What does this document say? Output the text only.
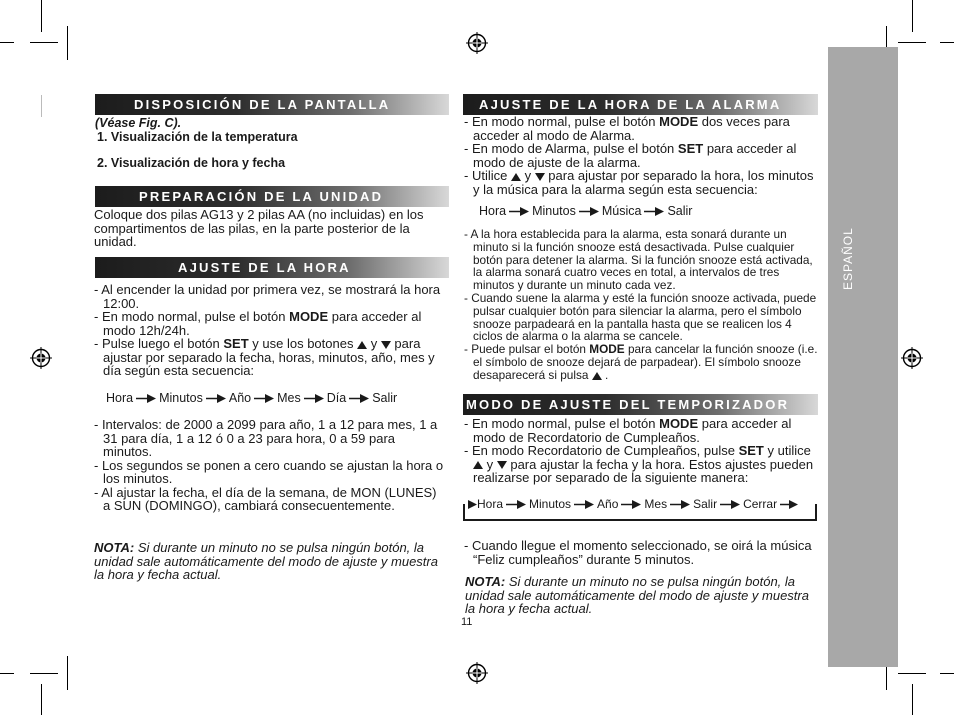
ESPAÑOL
DISPOSICIÓN DE LA PANTALLA
(Véase Fig. C).
1. Visualización de la temperatura
2. Visualización de hora y fecha
PREPARACIÓN DE LA UNIDAD
Coloque dos pilas AG13 y 2 pilas AA (no incluidas) en los compartimentos de las pilas, en la parte posterior de la unidad.
AJUSTE DE LA HORA

- Al encender la unidad por primera vez, se mostrará la hora 12:00.

- En modo normal, pulse el botón MODE para acceder al modo 12h/24h.

- Pulse luego el botón SET y use los botones  y  para ajustar por separado la fecha, horas, minutos, año, mes y día según esta secuencia:

Hora Minutos Año Mes Día Salir

- Intervalos: de 2000 a 2099 para año, 1 a 12 para mes, 1 a 31 para día, 1 a 12 ó 0 a 23 para hora, 0 a 59 para minutos.

- Los segundos se ponen a cero cuando se ajustan la hora o los minutos.

- Al ajustar la fecha, el día de la semana, de MON (LUNES) a SUN (DOMINGO), cambiará consecuentemente.

NOTA: Si durante un minuto no se pulsa ningún botón, la unidad sale automáticamente del modo de ajuste y muestra la hora y fecha actual.
AJUSTE DE LA HORA DE LA ALARMA

- En modo normal, pulse el botón MODE dos veces para acceder al modo de Alarma.

- En modo de Alarma, pulse el botón SET para acceder al modo de ajuste de la alarma.

- Utilice  y  para ajustar por separado la hora, los minutos y la música para la alarma según esta secuencia:

Hora Minutos Música Salir

- A la hora establecida para la alarma, esta sonará durante un minuto si la función snooze está desactivada. Pulse cualquier botón para detener la alarma. Si la función snooze está activada, la alarma sonará cuatro veces en total, a intervalos de tres minutos y durante un minuto cada vez.

- Cuando suene la alarma y esté la función snooze activada, puede pulsar cualquier botón para silenciar la alarma, pero el símbolo snooze parpadeará en la pantalla hasta que se realicen los 4 ciclos de alarma o la alarma se cancele.

- Puede pulsar el botón MODE para cancelar la función snooze (i.e. el símbolo de snooze dejará de parpadear). El símbolo snooze desaparecerá si pulsa  .

MODO DE AJUSTE DEL TEMPORIZADOR

- En modo normal, pulse el botón MODE para acceder al modo de Recordatorio de Cumpleaños.

- En modo Recordatorio de Cumpleaños, pulse SET y utilice  y  para ajustar la fecha y la hora. Estos ajustes pueden realizarse por separado de la siguiente manera:

Hora Minutos Año Mes Salir Cerrar

- Cuando llegue el momento seleccionado, se oirá la música “Feliz cumpleaños” durante 5 minutos.

NOTA: Si durante un minuto no se pulsa ningún botón, la unidad sale automáticamente del modo de ajuste y muestra la hora y fecha actual.
11
